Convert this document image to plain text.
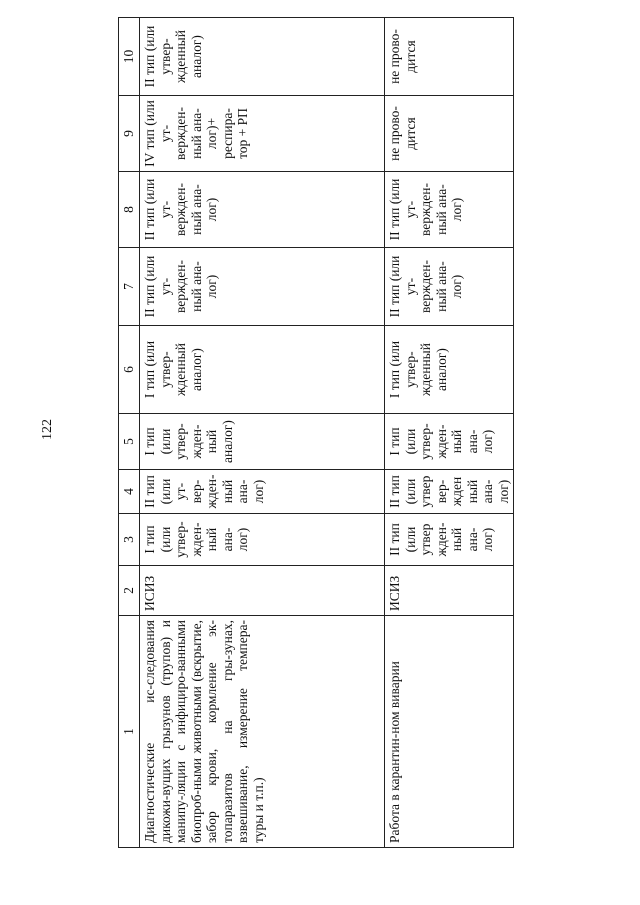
122
1	2	3	4	5	6	7	8	9	10
Диагностические ис-следования дикожи-вущих грызунов (трупов) и манипу-ляции с инфициро-ванными биопроб-ными животными (вскрытие, забор крови, кормление эк-топаразитов на гры-зунах, взвешивание, измерение темпера-туры и т.п.)	ИСИЗ	I тип (или утвер-жден-ный ана-лог)	II тип (или ут-вер-жден-ный ана-лог)	I тип (или утвер-жден-ный аналог)	I тип (или утвер-жденный аналог)	II тип (или ут-вержден-ный ана-лог)	II тип (или ут-вержден-ный ана-лог)	IV тип (или ут-вержден-ный ана-лог)+ респира-тор + РП	II тип (или утвер-жденный аналог)
Работа в карантин-ном виварии	ИСИЗ	II тип (или утвер жден-ный ана-лог)	II тип (или утвер вер-жден ный ана-лог)	I тип (или утвер-жден-ный ана-лог)	I тип (или утвер-жденный аналог)	II тип (или ут-вержден-ный ана-лог)	II тип (или ут-вержден-ный ана-лог)	не прово-дится	не прово-дится
